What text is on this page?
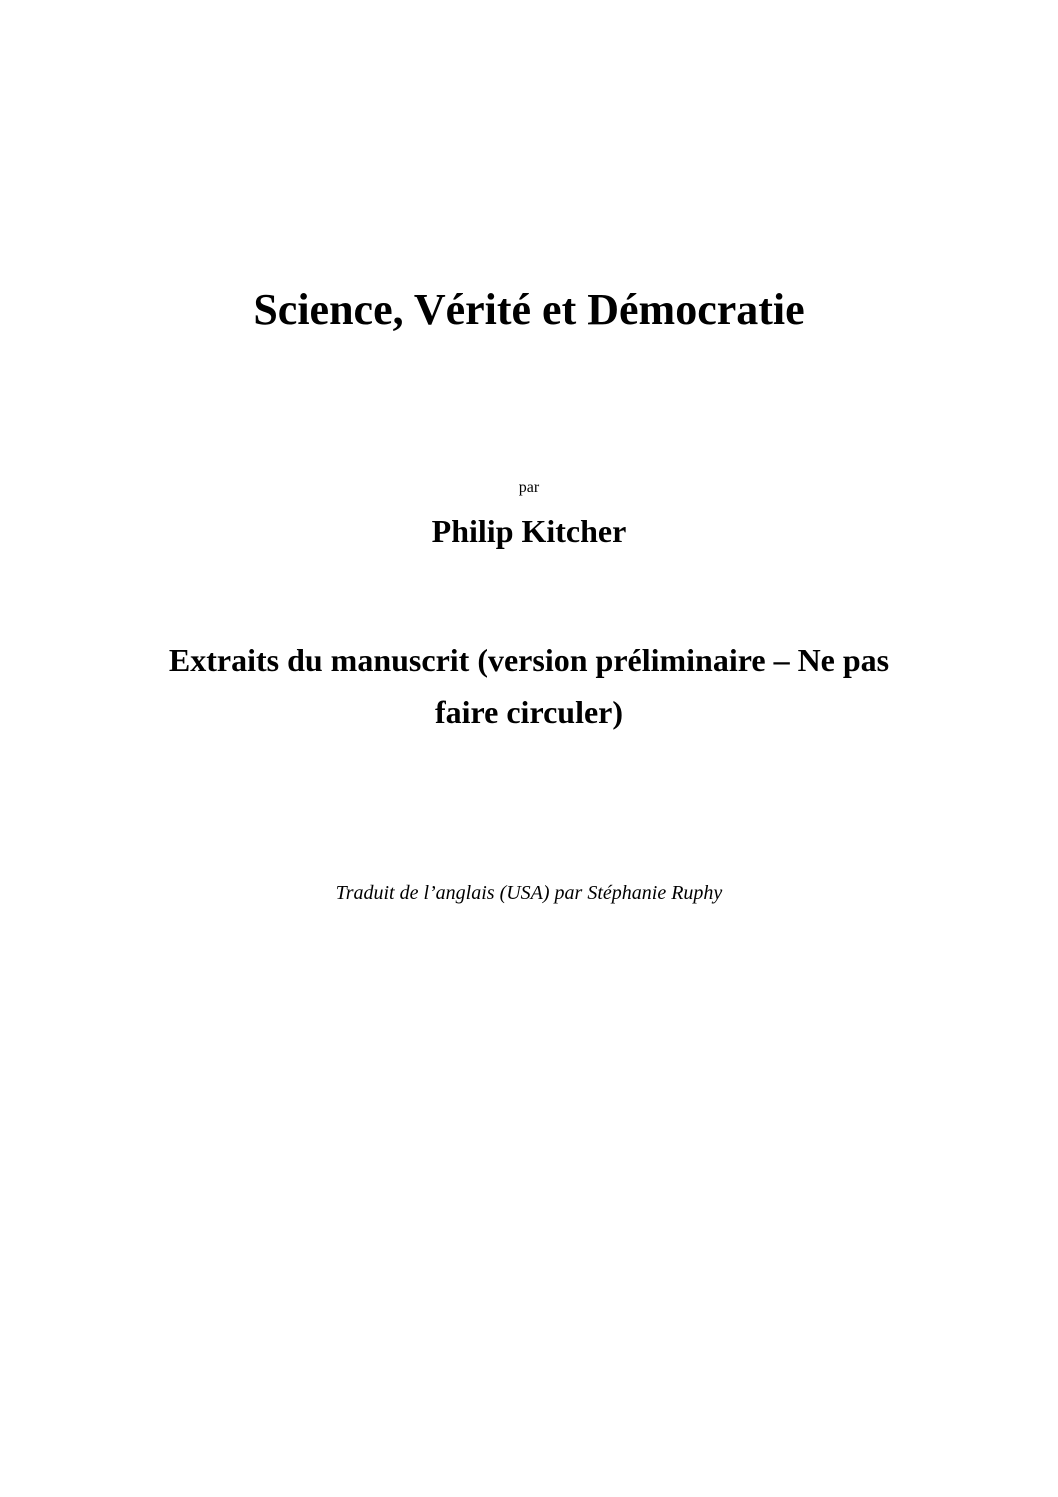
Science, Vérité et Démocratie
par
Philip Kitcher
Extraits du manuscrit (version préliminaire – Ne pas
faire circuler)
Traduit de l’anglais (USA) par Stéphanie Ruphy
